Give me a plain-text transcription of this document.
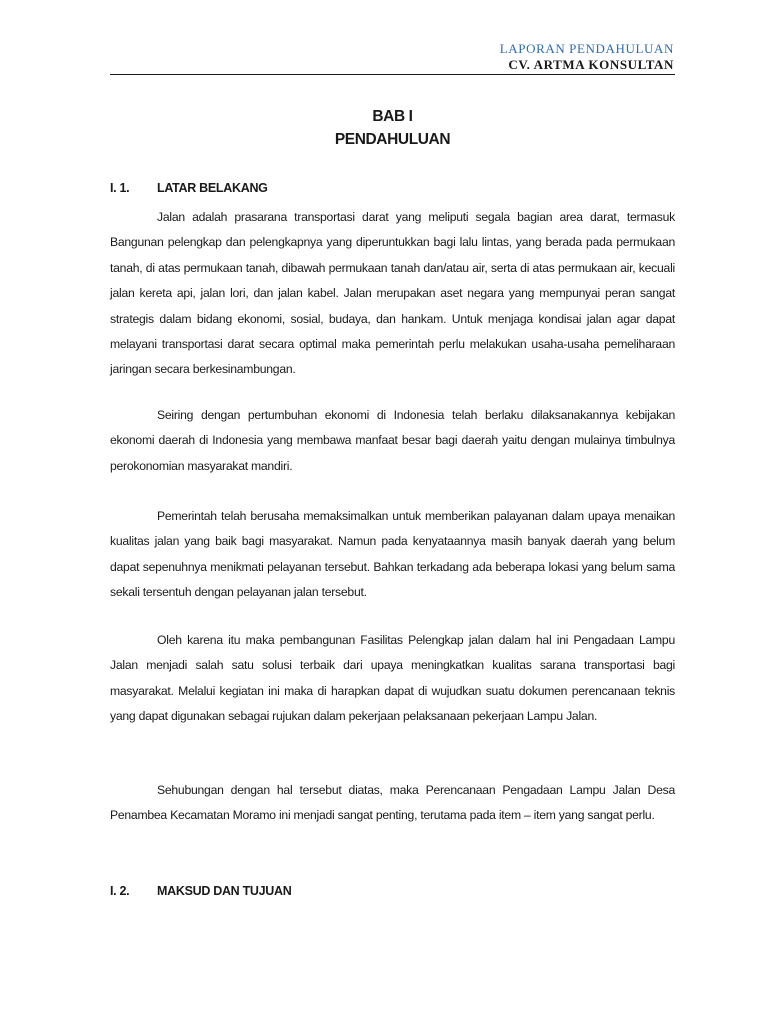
LAPORAN PENDAHULUAN
CV. ARTMA KONSULTAN
BAB I
PENDAHULUAN
I. 1. LATAR BELAKANG

Jalan adalah prasarana transportasi darat yang meliputi segala bagian area darat, termasuk Bangunan pelengkap dan pelengkapnya yang diperuntukkan bagi lalu lintas, yang berada pada permukaan tanah, di atas permukaan tanah, dibawah permukaan tanah dan/atau air, serta di atas permukaan air, kecuali jalan kereta api, jalan lori, dan jalan kabel. Jalan merupakan aset negara yang mempunyai peran sangat strategis dalam bidang ekonomi, sosial, budaya, dan hankam. Untuk menjaga kondisai jalan agar dapat melayani transportasi darat secara optimal maka pemerintah perlu melakukan usaha-usaha pemeliharaan jaringan secara berkesinambungan.

Seiring dengan pertumbuhan ekonomi di Indonesia telah berlaku dilaksanakannya kebijakan ekonomi daerah di Indonesia yang membawa manfaat besar bagi daerah yaitu dengan mulainya timbulnya perokonomian masyarakat mandiri.

Pemerintah telah berusaha memaksimalkan untuk memberikan palayanan dalam upaya menaikan kualitas jalan yang baik bagi masyarakat. Namun pada kenyataannya masih banyak daerah yang belum dapat sepenuhnya menikmati pelayanan tersebut. Bahkan terkadang ada beberapa lokasi yang belum sama sekali tersentuh dengan pelayanan jalan tersebut.

Oleh karena itu maka pembangunan Fasilitas Pelengkap jalan dalam hal ini Pengadaan Lampu Jalan menjadi salah satu solusi terbaik dari upaya meningkatkan kualitas sarana transportasi bagi masyarakat. Melalui kegiatan ini maka di harapkan dapat di wujudkan suatu dokumen perencanaan teknis yang dapat digunakan sebagai rujukan dalam pekerjaan pelaksanaan pekerjaan Lampu Jalan.

Sehubungan dengan hal tersebut diatas, maka Perencanaan Pengadaan Lampu Jalan Desa Penambea Kecamatan Moramo ini menjadi sangat penting, terutama pada item – item yang sangat perlu.

I. 2. MAKSUD DAN TUJUAN
